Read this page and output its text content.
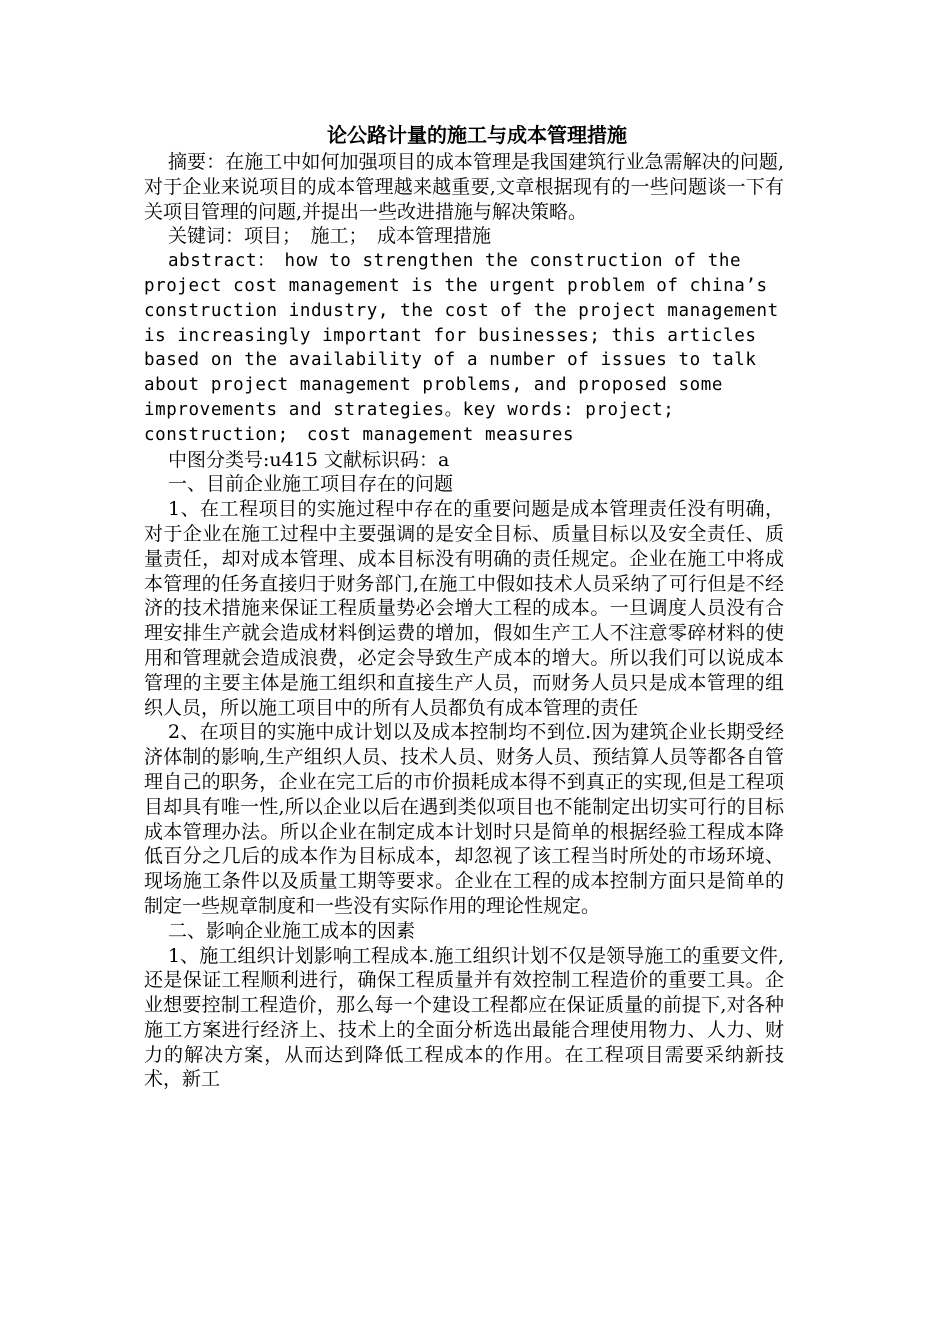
论公路计量的施工与成本管理措施

摘要：在施工中如何加强项目的成本管理是我国建筑行业急需解决的问题,对于企业来说项目的成本管理越来越重要,文章根据现有的一些问题谈一下有关项目管理的问题,并提出一些改进措施与解决策略。

关键词：项目；　施工；　成本管理措施

abstract：　how to strengthen the construction of the project cost management is the urgent problem of china’s construction industry, the cost of the project management is increasingly important for businesses; this articles based on the availability of a number of issues to talk about project management problems, and proposed some improvements and strategies。key words: project; construction;　cost management measures

中图分类号:u415 文献标识码：a

一、目前企业施工项目存在的问题

1、在工程项目的实施过程中存在的重要问题是成本管理责任没有明确，对于企业在施工过程中主要强调的是安全目标、质量目标以及安全责任、质量责任，却对成本管理、成本目标没有明确的责任规定。企业在施工中将成本管理的任务直接归于财务部门,在施工中假如技术人员采纳了可行但是不经济的技术措施来保证工程质量势必会增大工程的成本。一旦调度人员没有合理安排生产就会造成材料倒运费的增加，假如生产工人不注意零碎材料的使用和管理就会造成浪费，必定会导致生产成本的增大。所以我们可以说成本管理的主要主体是施工组织和直接生产人员，而财务人员只是成本管理的组织人员，所以施工项目中的所有人员都负有成本管理的责任

2、在项目的实施中成计划以及成本控制均不到位.因为建筑企业长期受经济体制的影响,生产组织人员、技术人员、财务人员、预结算人员等都各自管理自己的职务，企业在完工后的市价损耗成本得不到真正的实现,但是工程项目却具有唯一性,所以企业以后在遇到类似项目也不能制定出切实可行的目标成本管理办法。所以企业在制定成本计划时只是简单的根据经验工程成本降低百分之几后的成本作为目标成本，却忽视了该工程当时所处的市场环境、现场施工条件以及质量工期等要求。企业在工程的成本控制方面只是简单的制定一些规章制度和一些没有实际作用的理论性规定。

二、影响企业施工成本的因素

1、施工组织计划影响工程成本.施工组织计划不仅是领导施工的重要文件,还是保证工程顺利进行，确保工程质量并有效控制工程造价的重要工具。企业想要控制工程造价，那么每一个建设工程都应在保证质量的前提下,对各种施工方案进行经济上、技术上的全面分析选出最能合理使用物力、人力、财力的解决方案，从而达到降低工程成本的作用。在工程项目需要采纳新技术，新工
